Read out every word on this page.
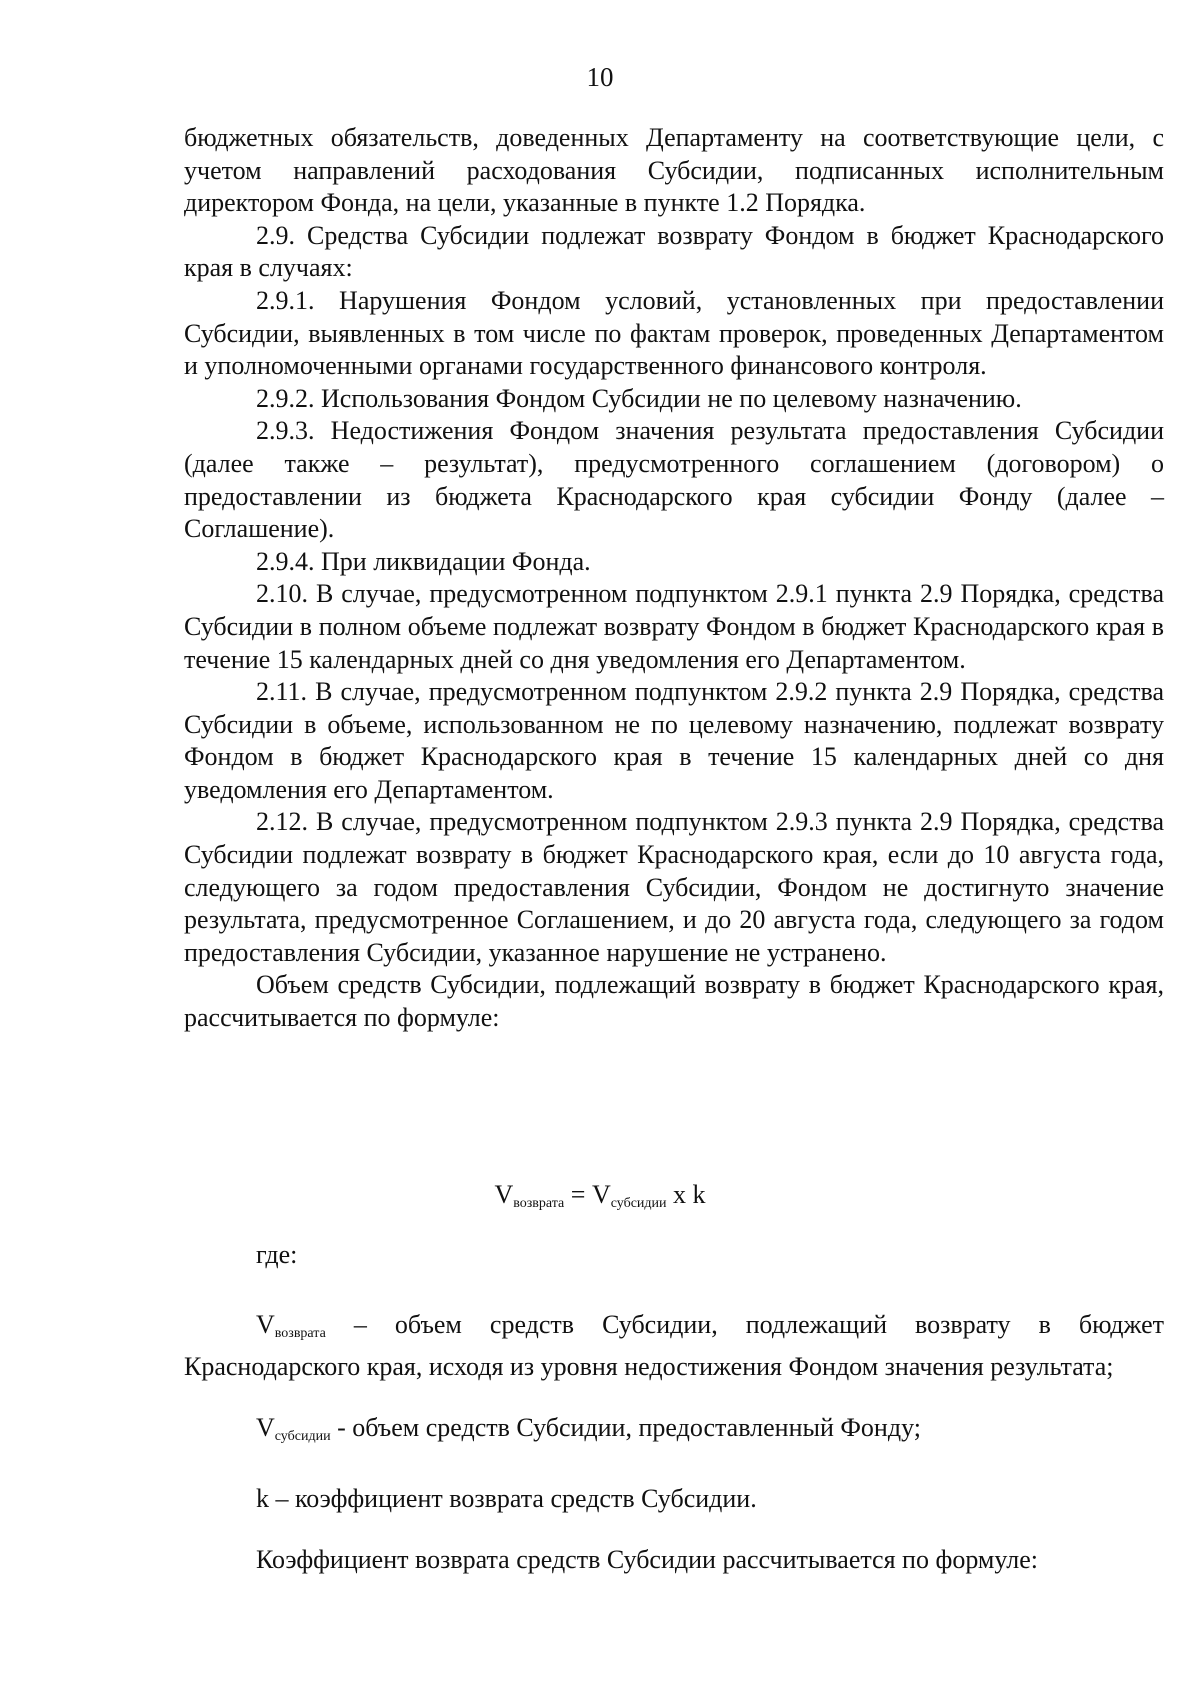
10

бюджетных обязательств, доведенных Департаменту на соответствующие цели, с учетом направлений расходования Субсидии, подписанных исполнительным директором Фонда, на цели, указанные в пункте 1.2 Порядка.

2.9. Средства Субсидии подлежат возврату Фондом в бюджет Краснодарского края в случаях:

2.9.1. Нарушения Фондом условий, установленных при предоставлении Субсидии, выявленных в том числе по фактам проверок, проведенных Департаментом и уполномоченными органами государственного финансового контроля.

2.9.2. Использования Фондом Субсидии не по целевому назначению.

2.9.3. Недостижения Фондом значения результата предоставления Субсидии (далее также – результат), предусмотренного соглашением (договором) о предоставлении из бюджета Краснодарского края субсидии Фонду (далее – Соглашение).

2.9.4. При ликвидации Фонда.

2.10. В случае, предусмотренном подпунктом 2.9.1 пункта 2.9 Порядка, средства Субсидии в полном объеме подлежат возврату Фондом в бюджет Краснодарского края в течение 15 календарных дней со дня уведомления его Департаментом.

2.11. В случае, предусмотренном подпунктом 2.9.2 пункта 2.9 Порядка, средства Субсидии в объеме, использованном не по целевому назначению, подлежат возврату Фондом в бюджет Краснодарского края в течение 15 календарных дней со дня уведомления его Департаментом.

2.12. В случае, предусмотренном подпунктом 2.9.3 пункта 2.9 Порядка, средства Субсидии подлежат возврату в бюджет Краснодарского края, если до 10 августа года, следующего за годом предоставления Субсидии, Фондом не достигнуто значение результата, предусмотренное Соглашением, и до 20 августа года, следующего за годом предоставления Субсидии, указанное нарушение не устранено.

Объем средств Субсидии, подлежащий возврату в бюджет Краснодарского края, рассчитывается по формуле:

$V_{возврата} = V_{субсидии}$ x k
где:

$V_{возврата}$ – объем средств Субсидии, подлежащий возврату в бюджет Краснодарского края, исходя из уровня недостижения Фондом значения результата;

$V_{субсидии}$ - объем средств Субсидии, предоставленный Фонду;

k – коэффициент возврата средств Субсидии.

Коэффициент возврата средств Субсидии рассчитывается по формуле:
